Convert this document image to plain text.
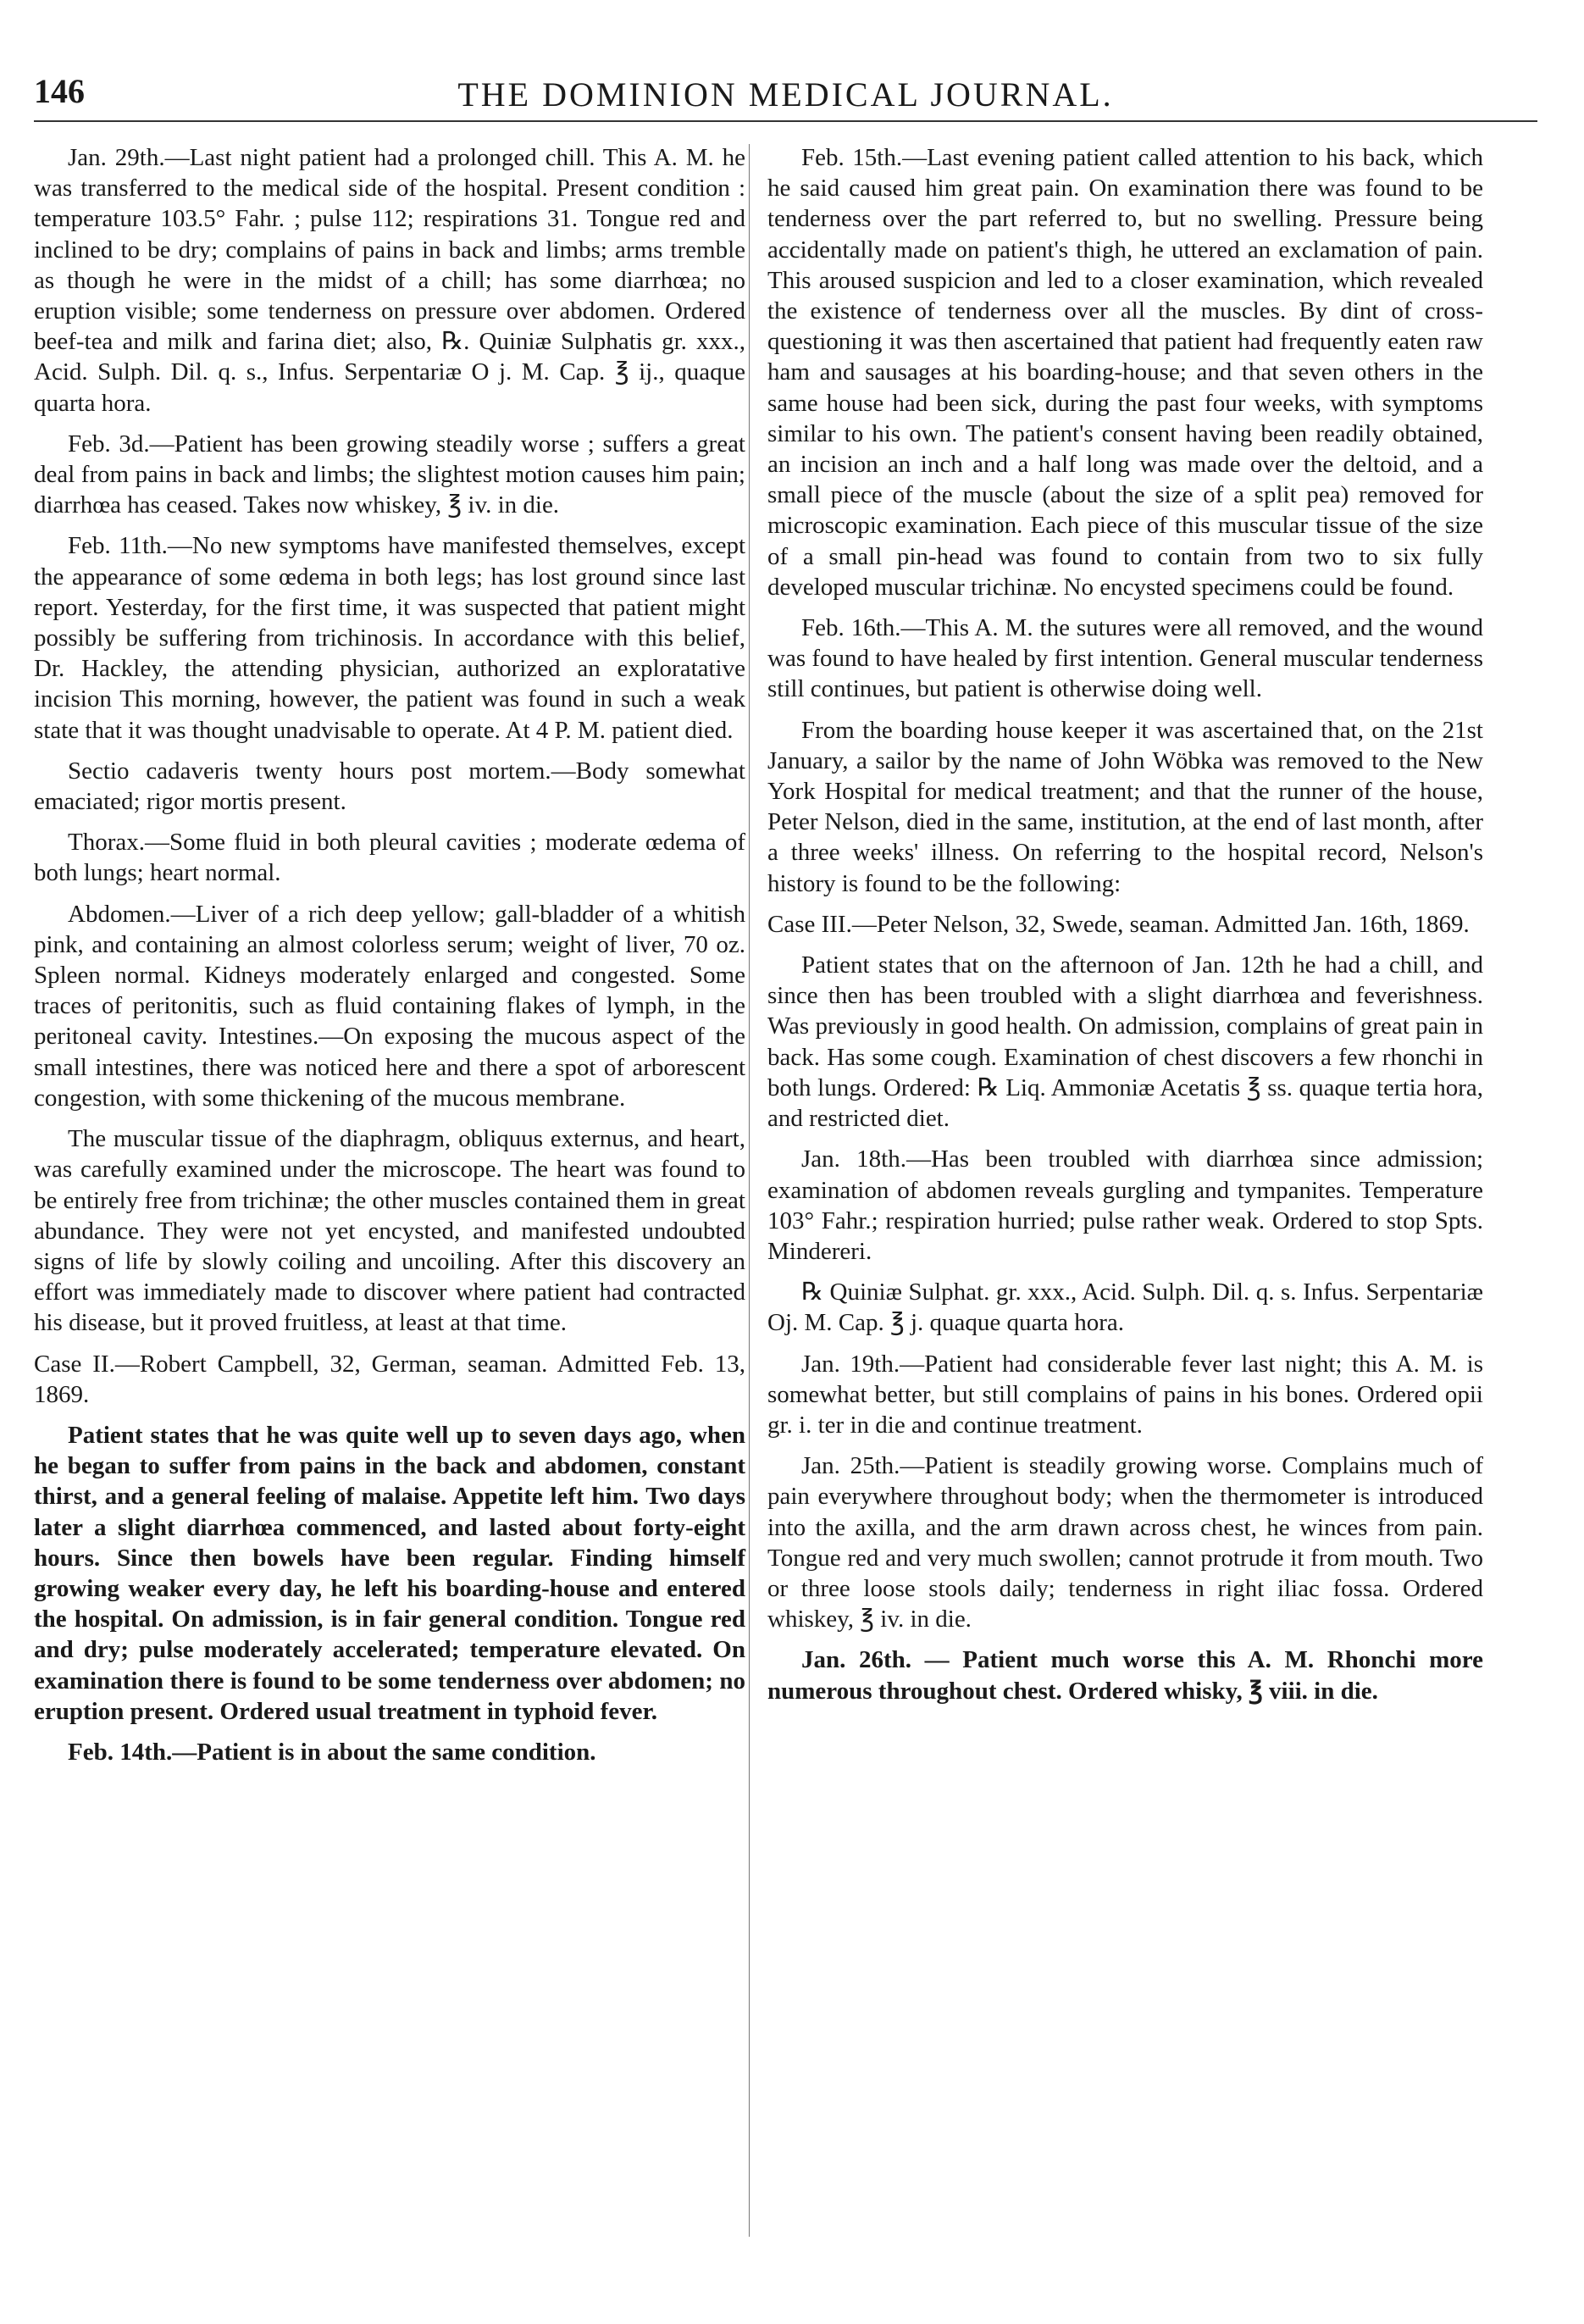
146	THE DOMINION MEDICAL JOURNAL.

Jan. 29th.—Last night patient had a prolonged chill. This A. M. he was transferred to the medical side of the hospital. Present condition : temperature 103.5° Fahr. ; pulse 112; respirations 31. Tongue red and inclined to be dry; complains of pains in back and limbs; arms tremble as though he were in the midst of a chill; has some diarrhœa; no eruption visible; some tenderness on pressure over abdomen. Ordered beef-tea and milk and farina diet; also, ℞. Quiniæ Sulphatis gr. xxx., Acid. Sulph. Dil. q. s., Infus. Serpentariæ O j. M. Cap. ℥ ij., quaque quarta hora.

Feb. 3d.—Patient has been growing steadily worse ; suffers a great deal from pains in back and limbs; the slightest motion causes him pain; diarrhœa has ceased. Takes now whiskey, ℥ iv. in die.

Feb. 11th.—No new symptoms have manifested themselves, except the appearance of some œdema in both legs; has lost ground since last report. Yesterday, for the first time, it was suspected that patient might possibly be suffering from trichinosis. In accordance with this belief, Dr. Hackley, the attending physician, authorized an exploratative incision This morning, however, the patient was found in such a weak state that it was thought unadvisable to operate. At 4 P. M. patient died.

Sectio cadaveris twenty hours post mortem.—Body somewhat emaciated; rigor mortis present.

Thorax.—Some fluid in both pleural cavities ; moderate œdema of both lungs; heart normal.

Abdomen.—Liver of a rich deep yellow; gall-bladder of a whitish pink, and containing an almost colorless serum; weight of liver, 70 oz. Spleen normal. Kidneys moderately enlarged and congested. Some traces of peritonitis, such as fluid containing flakes of lymph, in the peritoneal cavity. Intestines.—On exposing the mucous aspect of the small intestines, there was noticed here and there a spot of arborescent congestion, with some thickening of the mucous membrane.

The muscular tissue of the diaphragm, obliquus externus, and heart, was carefully examined under the microscope. The heart was found to be entirely free from trichinæ; the other muscles contained them in great abundance. They were not yet encysted, and manifested undoubted signs of life by slowly coiling and uncoiling. After this discovery an effort was immediately made to discover where patient had contracted his disease, but it proved fruitless, at least at that time.

Case II.—Robert Campbell, 32, German, seaman. Admitted Feb. 13, 1869.

Patient states that he was quite well up to seven days ago, when he began to suffer from pains in the back and abdomen, constant thirst, and a general feeling of malaise. Appetite left him. Two days later a slight diarrhœa commenced, and lasted about forty-eight hours. Since then bowels have been regular. Finding himself growing weaker every day, he left his boarding-house and entered the hospital. On admission, is in fair general condition. Tongue red and dry; pulse moderately accelerated; temperature elevated. On examination there is found to be some tenderness over abdomen; no eruption present. Ordered usual treatment in typhoid fever.

Feb. 14th.—Patient is in about the same condition.

Feb. 15th.—Last evening patient called attention to his back, which he said caused him great pain. On examination there was found to be tenderness over the part referred to, but no swelling. Pressure being accidentally made on patient's thigh, he uttered an exclamation of pain. This aroused suspicion and led to a closer examination, which revealed the existence of tenderness over all the muscles. By dint of cross-questioning it was then ascertained that patient had frequently eaten raw ham and sausages at his boarding-house; and that seven others in the same house had been sick, during the past four weeks, with symptoms similar to his own. The patient's consent having been readily obtained, an incision an inch and a half long was made over the deltoid, and a small piece of the muscle (about the size of a split pea) removed for microscopic examination. Each piece of this muscular tissue of the size of a small pin-head was found to contain from two to six fully developed muscular trichinæ. No encysted specimens could be found.

Feb. 16th.—This A. M. the sutures were all removed, and the wound was found to have healed by first intention. General muscular tenderness still continues, but patient is otherwise doing well.

From the boarding house keeper it was ascertained that, on the 21st January, a sailor by the name of John Wöbka was removed to the New York Hospital for medical treatment; and that the runner of the house, Peter Nelson, died in the same, institution, at the end of last month, after a three weeks' illness. On referring to the hospital record, Nelson's history is found to be the following:

Case III.—Peter Nelson, 32, Swede, seaman. Admitted Jan. 16th, 1869.

Patient states that on the afternoon of Jan. 12th he had a chill, and since then has been troubled with a slight diarrhœa and feverishness. Was previously in good health. On admission, complains of great pain in back. Has some cough. Examination of chest discovers a few rhonchi in both lungs. Ordered: ℞ Liq. Ammoniæ Acetatis ℥ ss. quaque tertia hora, and restricted diet.

Jan. 18th.—Has been troubled with diarrhœa since admission; examination of abdomen reveals gurgling and tympanites. Temperature 103° Fahr.; respiration hurried; pulse rather weak. Ordered to stop Spts. Mindereri.

℞ Quiniæ Sulphat. gr. xxx., Acid. Sulph. Dil. q. s. Infus. Serpentariæ Oj. M. Cap. ℥ j. quaque quarta hora.

Jan. 19th.—Patient had considerable fever last night; this A. M. is somewhat better, but still complains of pains in his bones. Ordered opii gr. i. ter in die and continue treatment.

Jan. 25th.—Patient is steadily growing worse. Complains much of pain everywhere throughout body; when the thermometer is introduced into the axilla, and the arm drawn across chest, he winces from pain. Tongue red and very much swollen; cannot protrude it from mouth. Two or three loose stools daily; tenderness in right iliac fossa. Ordered whiskey, ℥ iv. in die.

Jan. 26th. — Patient much worse this A. M. Rhonchi more numerous throughout chest. Ordered whisky, ℥ viii. in die.
